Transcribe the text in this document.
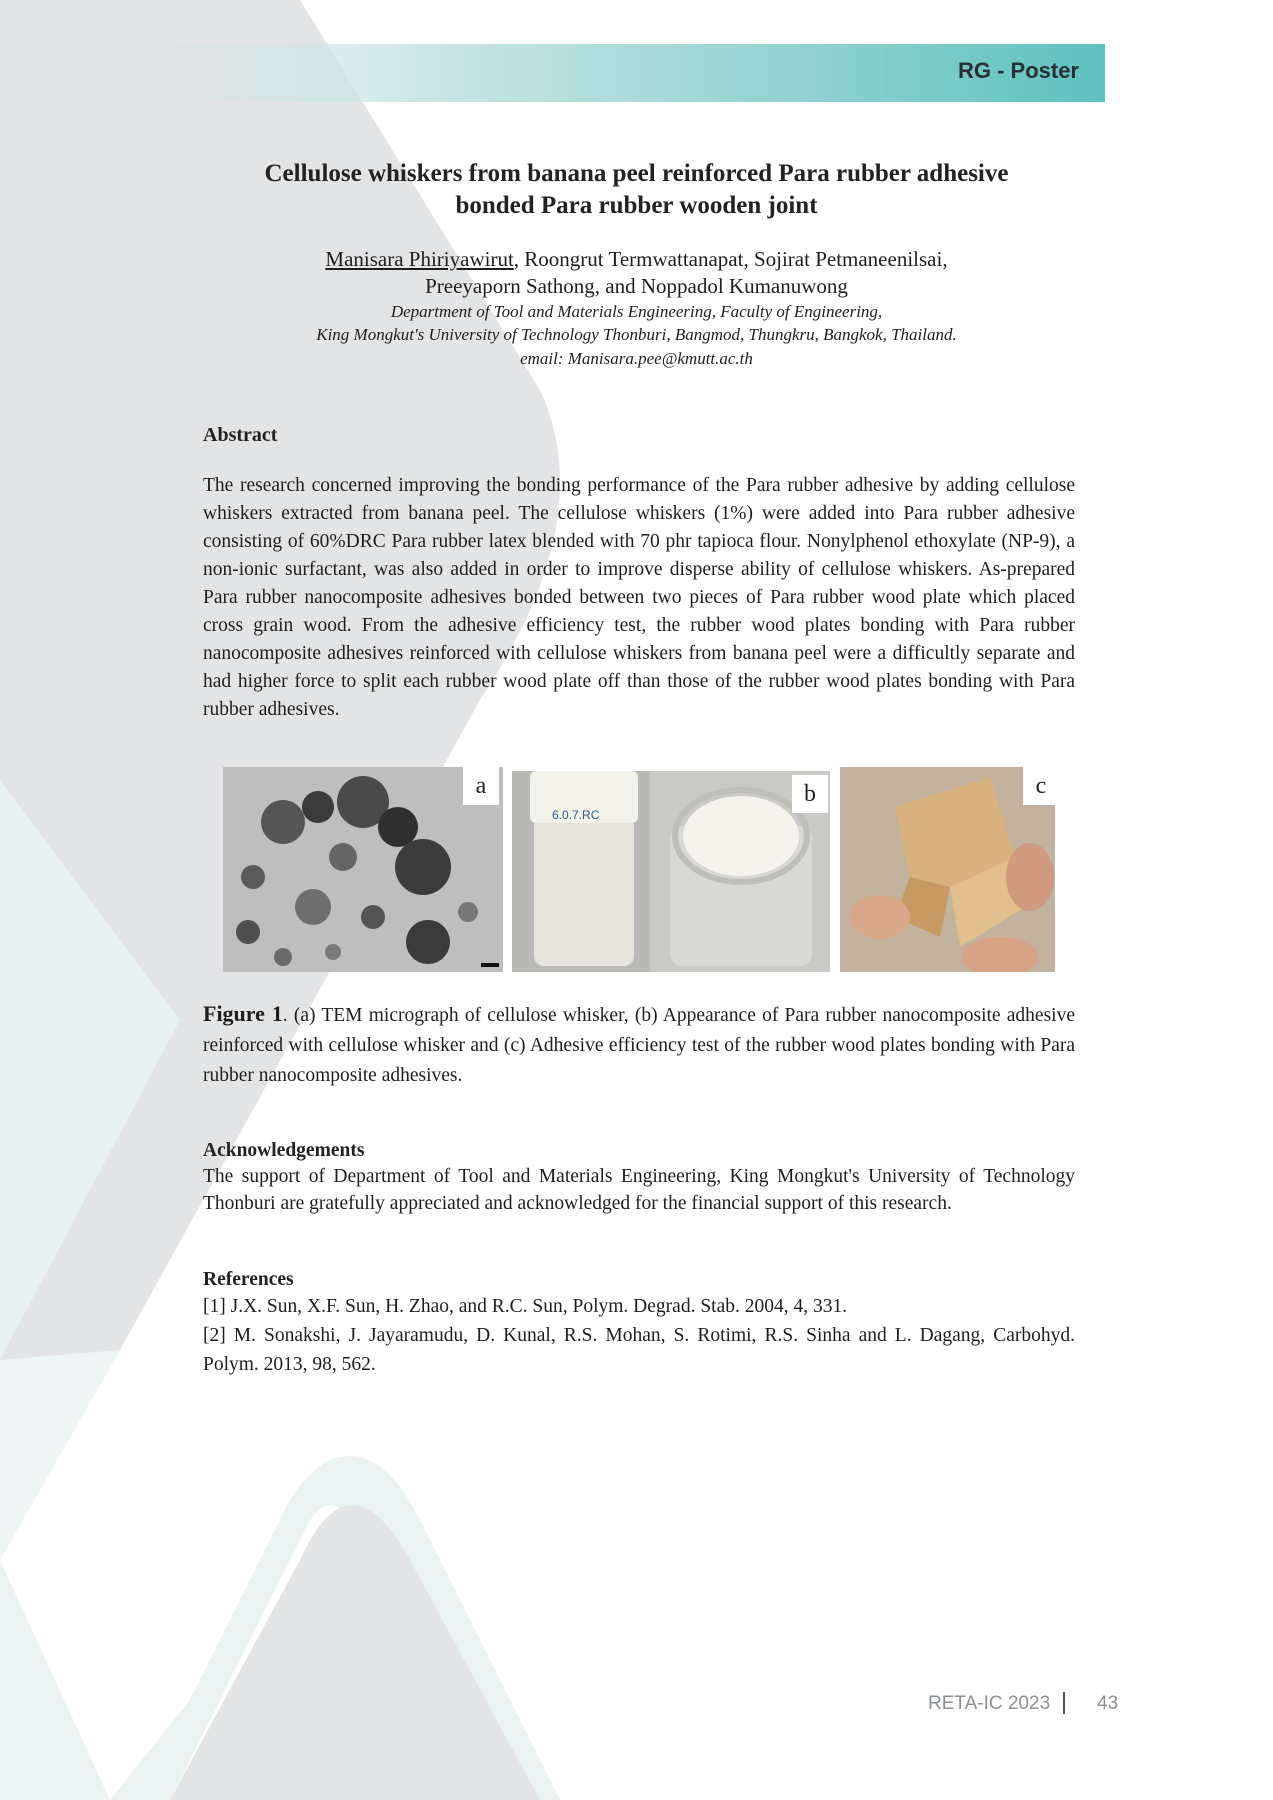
RG - Poster
Cellulose whiskers from banana peel reinforced Para rubber adhesive
bonded Para rubber wooden joint
Manisara Phiriyawirut, Roongrut Termwattanapat, Sojirat Petmaneenilsai,
Preeyaporn Sathong, and Noppadol Kumanuwong
Department of Tool and Materials Engineering, Faculty of Engineering,
King Mongkut's University of Technology Thonburi, Bangmod, Thungkru, Bangkok, Thailand.
email: Manisara.pee@kmutt.ac.th
Abstract
The research concerned improving the bonding performance of the Para rubber adhesive by adding cellulose whiskers extracted from banana peel. The cellulose whiskers (1%) were added into Para rubber adhesive consisting of 60%DRC Para rubber latex blended with 70 phr tapioca flour. Nonylphenol ethoxylate (NP-9), a non-ionic surfactant, was also added in order to improve disperse ability of cellulose whiskers. As-prepared Para rubber nanocomposite adhesives bonded between two pieces of Para rubber wood plate which placed cross grain wood. From the adhesive efficiency test, the rubber wood plates bonding with Para rubber nanocomposite adhesives reinforced with cellulose whiskers from banana peel were a difficultly separate and had higher force to split each rubber wood plate off than those of the rubber wood plates bonding with Para rubber adhesives.
a
6.0.7.RC
b	c
Figure 1. (a) TEM micrograph of cellulose whisker, (b) Appearance of Para rubber nanocomposite adhesive reinforced with cellulose whisker and (c) Adhesive efficiency test of the rubber wood plates bonding with Para rubber nanocomposite adhesives.
Acknowledgements
The support of Department of Tool and Materials Engineering, King Mongkut's University of Technology Thonburi are gratefully appreciated and acknowledged for the financial support of this research.
References
[1] J.X. Sun, X.F. Sun, H. Zhao, and R.C. Sun, Polym. Degrad. Stab. 2004, 4, 331.
[2] M. Sonakshi, J. Jayaramudu, D. Kunal, R.S. Mohan, S. Rotimi, R.S. Sinha and L. Dagang, Carbohyd. Polym. 2013, 98, 562.
RETA-IC 2023 43
